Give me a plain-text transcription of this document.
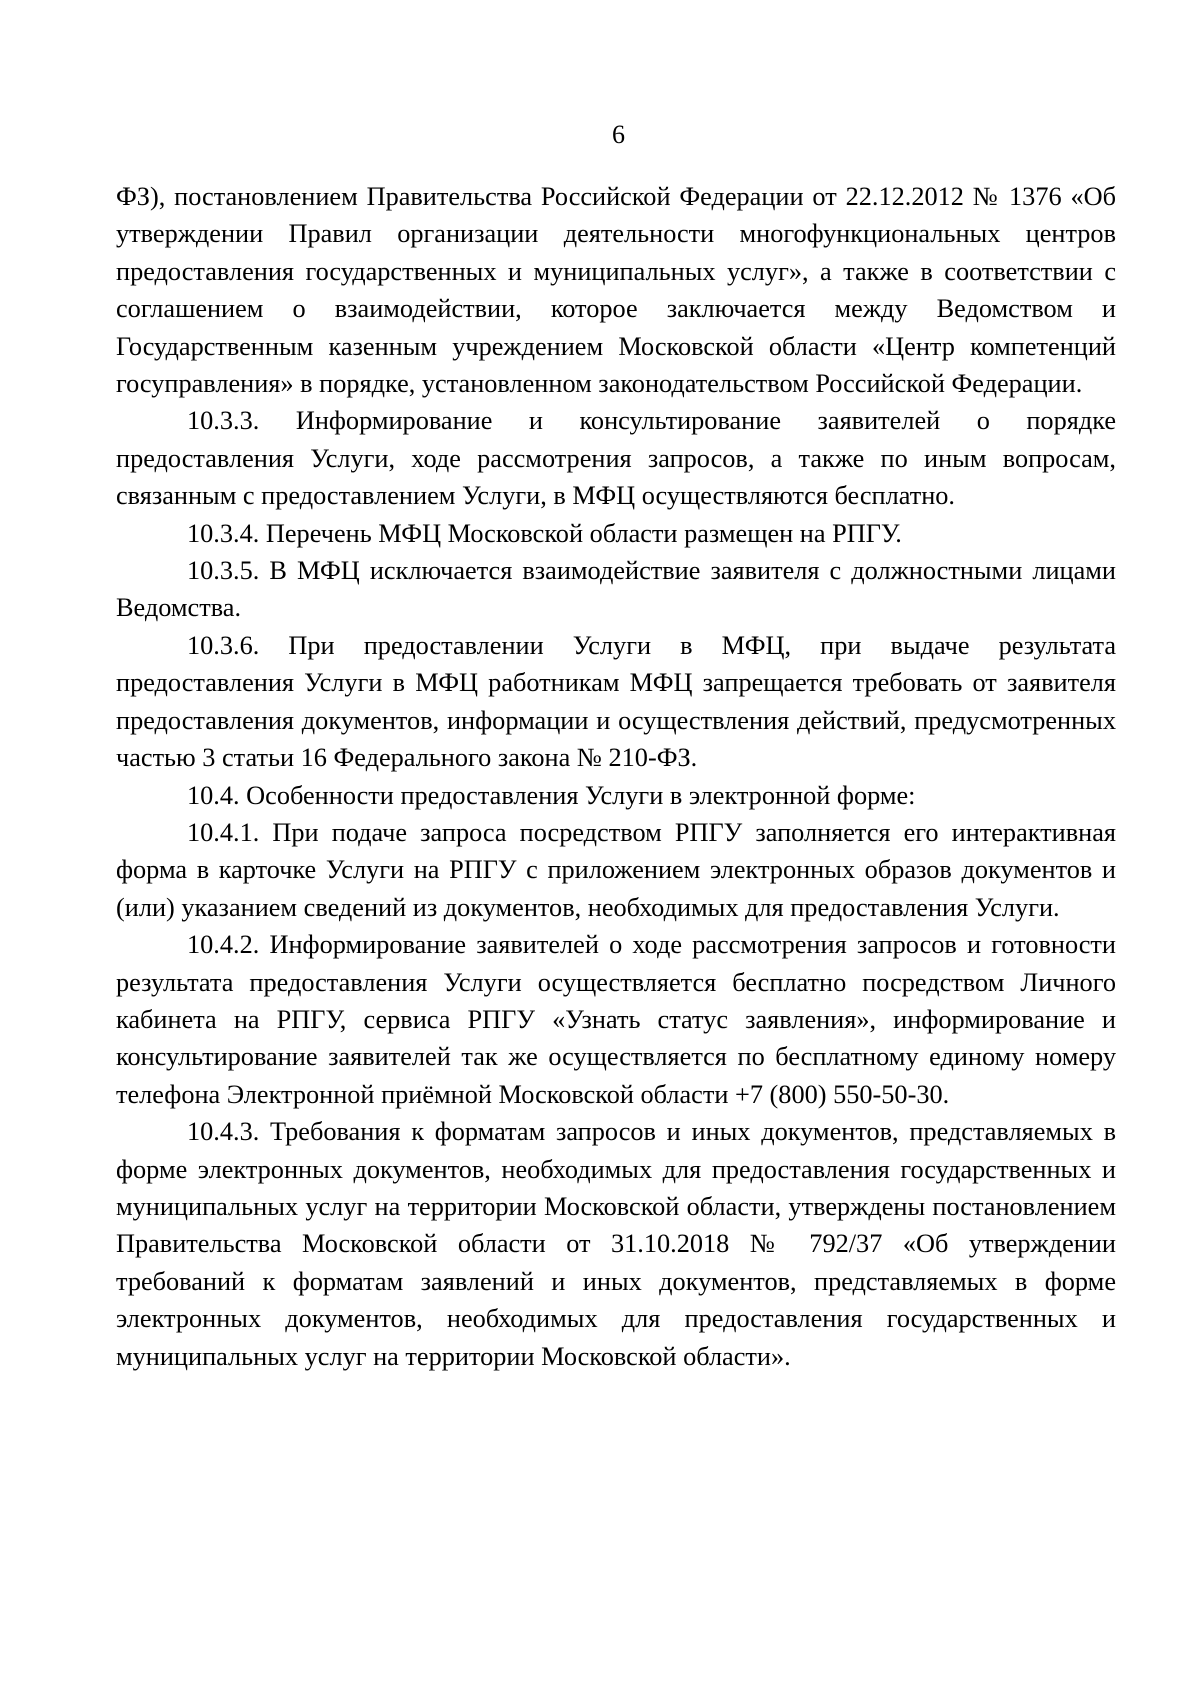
6

ФЗ), постановлением Правительства Российской Федерации от 22.12.2012 № 1376 «Об утверждении Правил организации деятельности многофункциональных центров предоставления государственных и муниципальных услуг», а также в соответствии с соглашением о взаимодействии, которое заключается между Ведомством и Государственным казенным учреждением Московской области «Центр компетенций госуправления» в порядке, установленном законодательством Российской Федерации.

10.3.3. Информирование и консультирование заявителей о порядке предоставления Услуги, ходе рассмотрения запросов, а также по иным вопросам, связанным с предоставлением Услуги, в МФЦ осуществляются бесплатно.

10.3.4. Перечень МФЦ Московской области размещен на РПГУ.

10.3.5. В МФЦ исключается взаимодействие заявителя с должностными лицами Ведомства.

10.3.6. При предоставлении Услуги в МФЦ, при выдаче результата предоставления Услуги в МФЦ работникам МФЦ запрещается требовать от заявителя предоставления документов, информации и осуществления действий, предусмотренных частью 3 статьи 16 Федерального закона № 210-ФЗ.

10.4. Особенности предоставления Услуги в электронной форме:

10.4.1. При подаче запроса посредством РПГУ заполняется его интерактивная форма в карточке Услуги на РПГУ с приложением электронных образов документов и (или) указанием сведений из документов, необходимых для предоставления Услуги.

10.4.2. Информирование заявителей о ходе рассмотрения запросов и готовности результата предоставления Услуги осуществляется бесплатно посредством Личного кабинета на РПГУ, сервиса РПГУ «Узнать статус заявления», информирование и консультирование заявителей так же осуществляется по бесплатному единому номеру телефона Электронной приёмной Московской области +7 (800) 550-50-30.

10.4.3. Требования к форматам запросов и иных документов, представляемых в форме электронных документов, необходимых для предоставления государственных и муниципальных услуг на территории Московской области, утверждены постановлением Правительства Московской области от 31.10.2018 № 792/37 «Об утверждении требований к форматам заявлений и иных документов, представляемых в форме электронных документов, необходимых для предоставления государственных и муниципальных услуг на территории Московской области».
